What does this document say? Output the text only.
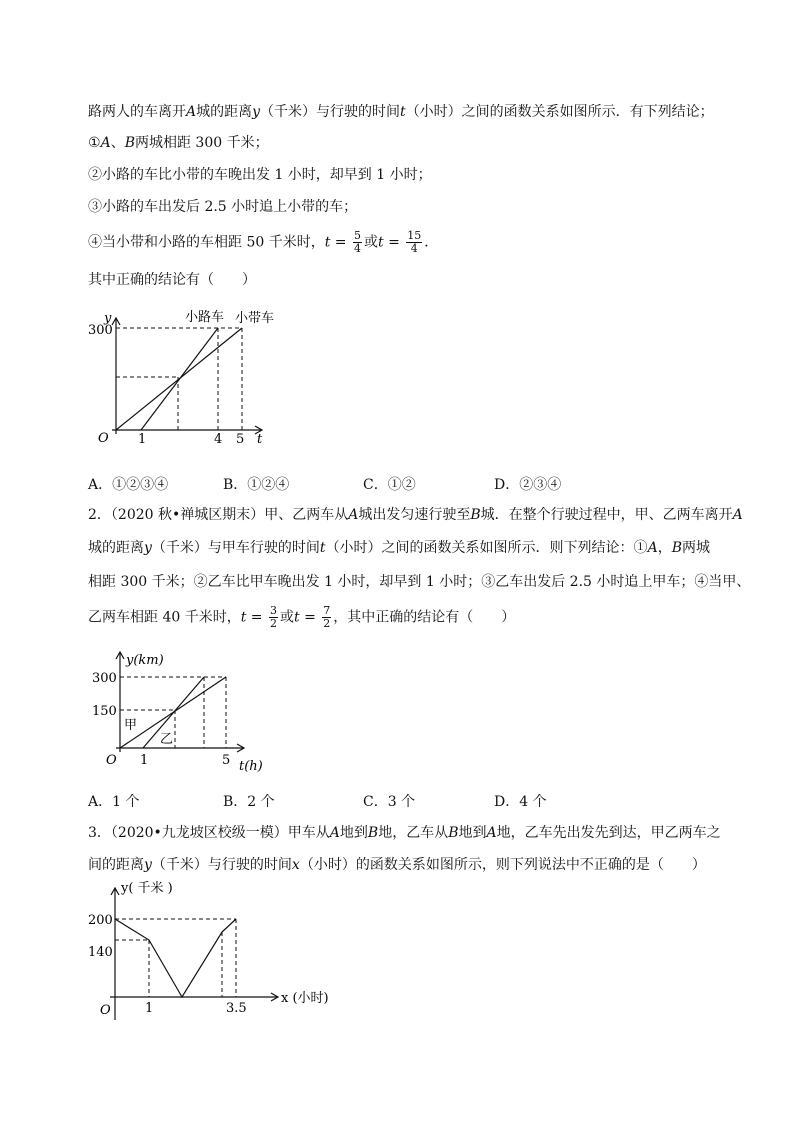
路两人的车离开A城的距离y（千米）与行驶的时间t（小时）之间的函数关系如图所示．有下列结论；
①A、B两城相距 300 千米；
②小路的车比小带的车晚出发 1 小时，却早到 1 小时；
③小路的车出发后 2.5 小时追上小带的车；
④当小带和小路的车相距 50 千米时，$t = \frac{5}{4}$ 或$t = \frac{15}{4}$ ．
其中正确的结论有（　　）
y
300
O 1	4 5 t
小路车 小带车
A．①②③④	B．①②④	C．①②	D．②③④
2．（2020 秋•禅城区期末）甲、乙两车从A城出发匀速行驶至B城．在整个行驶过程中，甲、乙两车离开A
城的距离y（千米）与甲车行驶的时间t（小时）之间的函数关系如图所示．则下列结论：①A，B两城
相距 300 千米；②乙车比甲车晚出发 1 小时，却早到 1 小时；③乙车出发后 2.5 小时追上甲车；④当甲、
乙两车相距 40 千米时，$t = \frac{3}{2}$ 或$t = \frac{7}{2}$ ，其中正确的结论有（　　）
y(km)
300
150
甲
乙
O 1	5 t(h)
A．1 个	B．2 个	C．3 个	D．4 个
3．（2020•九龙坡区校级一模）甲车从A地到B地，乙车从B地到A地，乙车先出发先到达，甲乙两车之
间的距离y（千米）与行驶的时间x（小时）的函数关系如图所示，则下列说法中不正确的是（　　）
y( 千米 )
200
140
O	1	3.5
x (小时)
